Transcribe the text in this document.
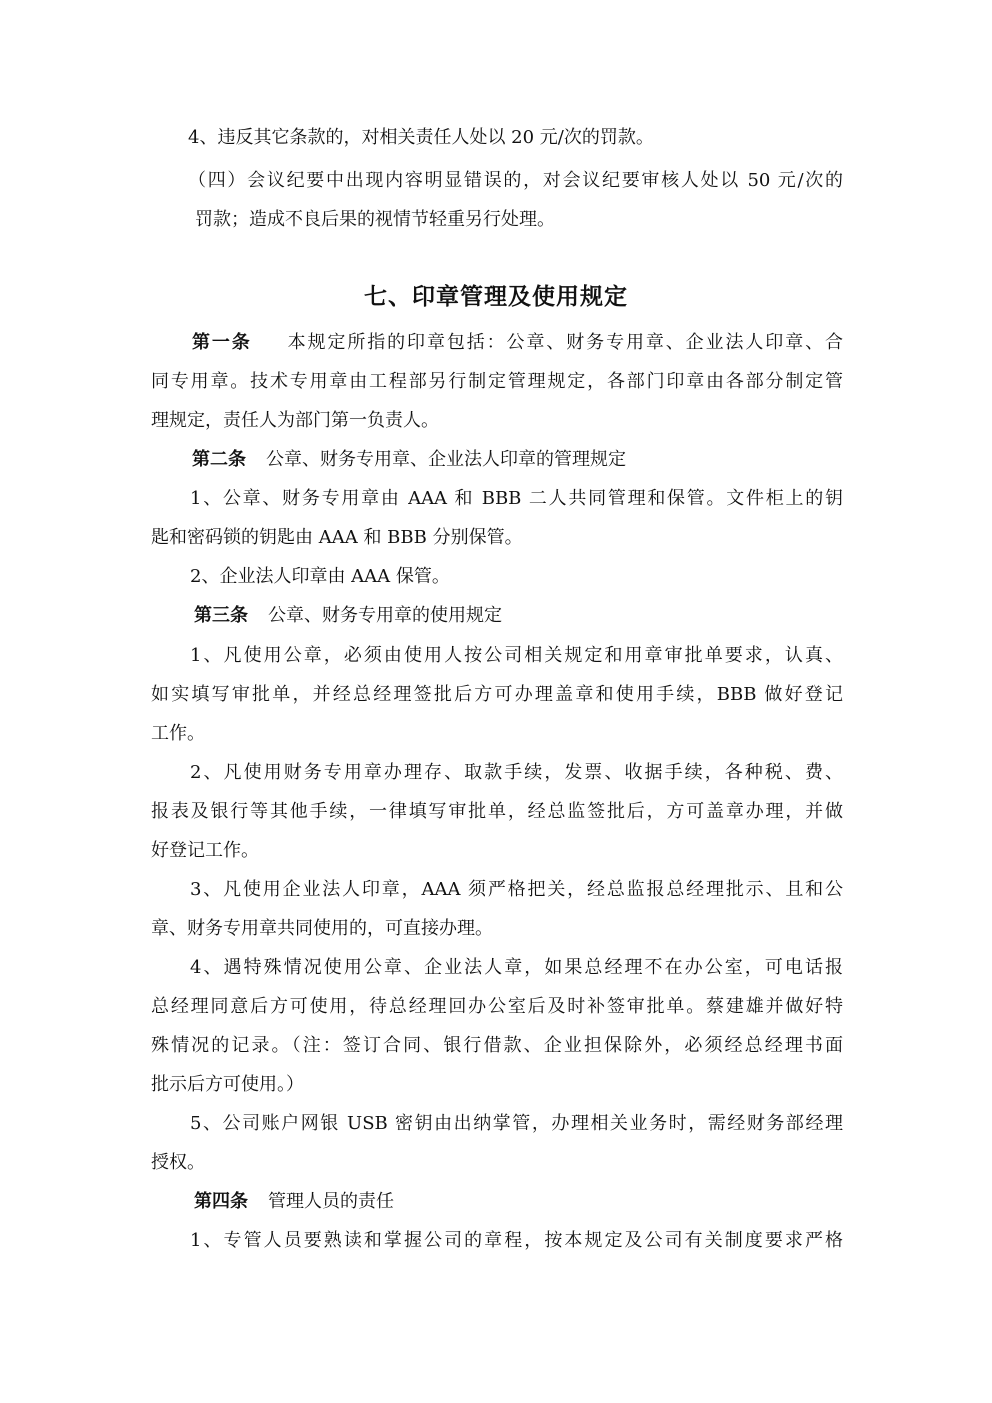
4、违反其它条款的，对相关责任人处以 20 元/次的罚款。
（四）会议纪要中出现内容明显错误的，对会议纪要审核人处以 50 元/次的
罚款；造成不良后果的视情节轻重另行处理。
七、印章管理及使用规定
第一条 本规定所指的印章包括：公章、财务专用章、企业法人印章、合
同专用章。技术专用章由工程部另行制定管理规定，各部门印章由各部分制定管
理规定，责任人为部门第一负责人。
第二条 公章、财务专用章、企业法人印章的管理规定
1、公章、财务专用章由 AAA 和 BBB 二人共同管理和保管。文件柜上的钥
匙和密码锁的钥匙由 AAA 和 BBB 分别保管。
2、企业法人印章由 AAA 保管。
第三条 公章、财务专用章的使用规定
1、凡使用公章，必须由使用人按公司相关规定和用章审批单要求，认真、
如实填写审批单，并经总经理签批后方可办理盖章和使用手续，BBB 做好登记
工作。
2、凡使用财务专用章办理存、取款手续，发票、收据手续，各种税、费、
报表及银行等其他手续，一律填写审批单，经总监签批后，方可盖章办理，并做
好登记工作。
3、凡使用企业法人印章，AAA 须严格把关，经总监报总经理批示、且和公
章、财务专用章共同使用的，可直接办理。
4、遇特殊情况使用公章、企业法人章，如果总经理不在办公室，可电话报
总经理同意后方可使用，待总经理回办公室后及时补签审批单。蔡建雄并做好特
殊情况的记录。（注：签订合同、银行借款、企业担保除外，必须经总经理书面
批示后方可使用。）
5、公司账户网银 USB 密钥由出纳掌管，办理相关业务时，需经财务部经理
授权。
第四条 管理人员的责任
1、专管人员要熟读和掌握公司的章程，按本规定及公司有关制度要求严格
